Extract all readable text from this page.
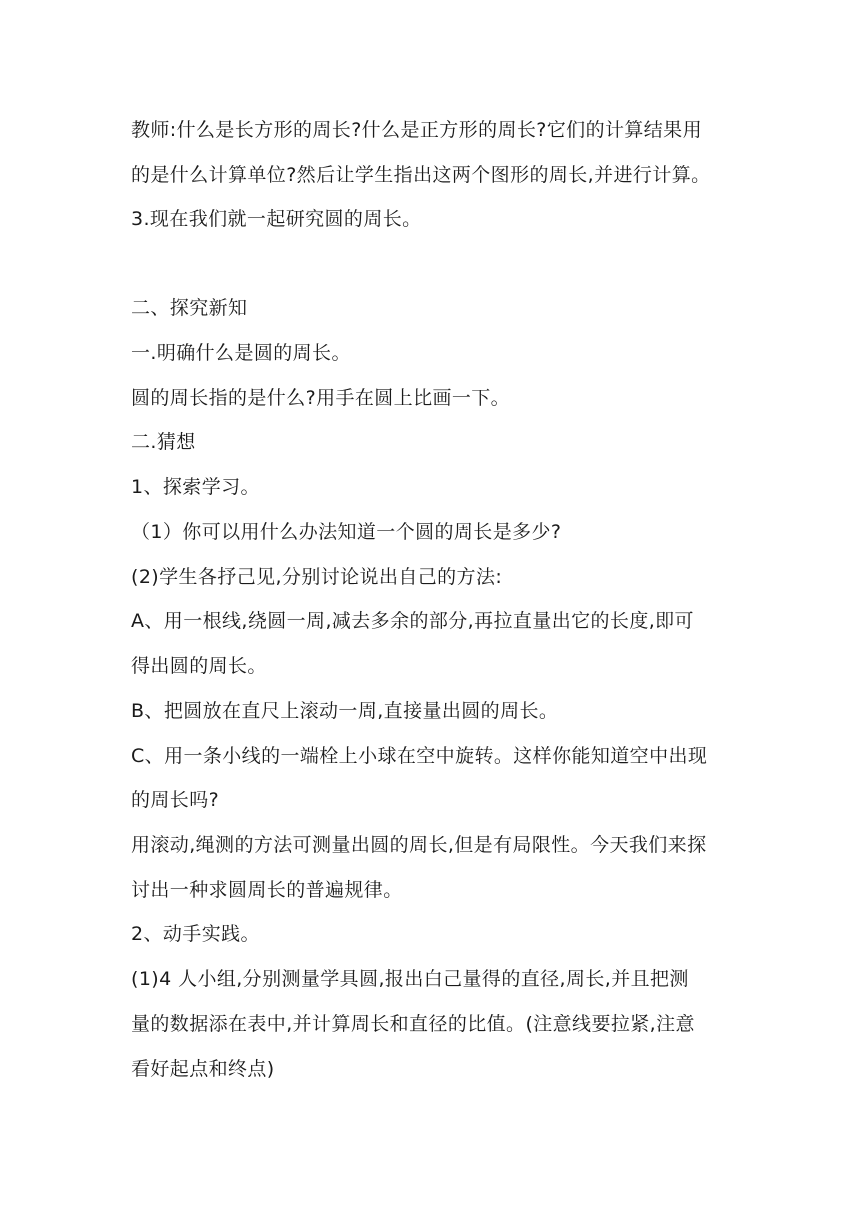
教师:什么是长方形的周长?什么是正方形的周长?它们的计算结果用
的是什么计算单位?然后让学生指出这两个图形的周长,并进行计算。
3.现在我们就一起研究圆的周长。
二、探究新知
一.明确什么是圆的周长。
圆的周长指的是什么?用手在圆上比画一下。
二.猜想
1、探索学习。
（1）你可以用什么办法知道一个圆的周长是多少?
(2)学生各抒己见,分别讨论说出自己的方法:
A、用一根线,绕圆一周,减去多余的部分,再拉直量出它的长度,即可
得出圆的周长。
B、把圆放在直尺上滚动一周,直接量出圆的周长。
C、用一条小线的一端栓上小球在空中旋转。这样你能知道空中出现
的周长吗?
用滚动,绳测的方法可测量出圆的周长,但是有局限性。今天我们来探
讨出一种求圆周长的普遍规律。
2、动手实践。
(1)4 人小组,分别测量学具圆,报出白己量得的直径,周长,并且把测
量的数据添在表中,并计算周长和直径的比值。(注意线要拉紧,注意
看好起点和终点)
